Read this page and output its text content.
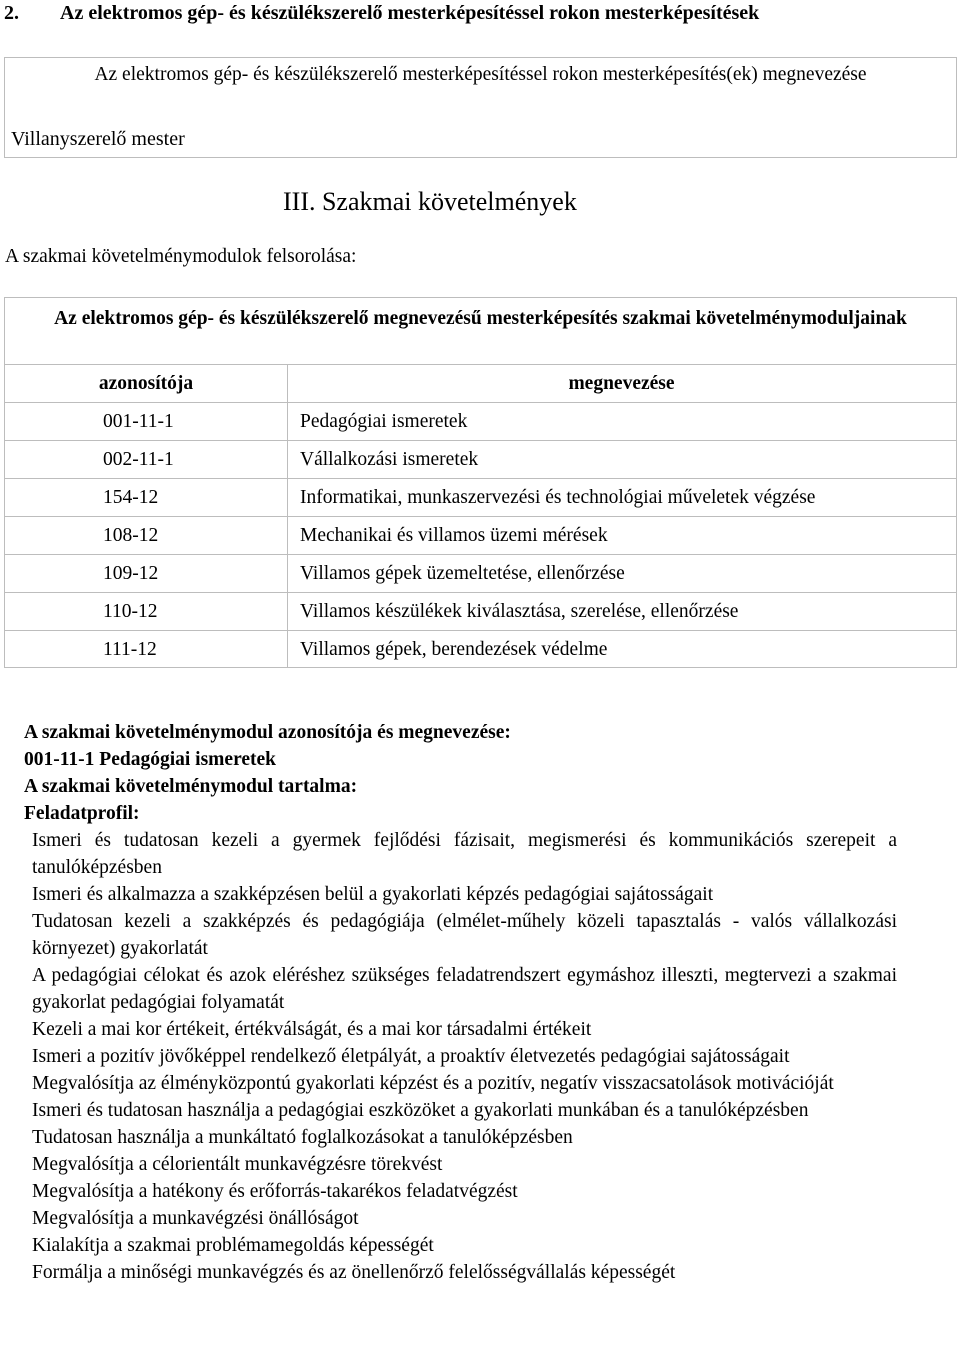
2. Az elektromos gép- és készülékszerelő mesterképesítéssel rokon mesterképesítések
Az elektromos gép- és készülékszerelő mesterképesítéssel rokon mesterképesítés(ek) megnevezése
Villanyszerelő mester
III. Szakmai követelmények
A szakmai követelménymodulok felsorolása:
Az elektromos gép- és készülékszerelő megnevezésű mesterképesítés szakmai követelménymoduljainak
azonosítója	megnevezése
001-11-1	Pedagógiai ismeretek
002-11-1	Vállalkozási ismeretek
154-12	Informatikai, munkaszervezési és technológiai műveletek végzése
108-12	Mechanikai és villamos üzemi mérések
109-12	Villamos gépek üzemeltetése, ellenőrzése
110-12	Villamos készülékek kiválasztása, szerelése, ellenőrzése
111-12	Villamos gépek, berendezések védelme
A szakmai követelménymodul azonosítója és megnevezése:
001-11-1 Pedagógiai ismeretek
A szakmai követelménymodul tartalma:
Feladatprofil:
Ismeri és tudatosan kezeli a gyermek fejlődési fázisait, megismerési és kommunikációs szerepeit a tanulóképzésben
Ismeri és alkalmazza a szakképzésen belül a gyakorlati képzés pedagógiai sajátosságait
Tudatosan kezeli a szakképzés és pedagógiája (elmélet-műhely közeli tapasztalás - valós vállalkozási környezet) gyakorlatát
A pedagógiai célokat és azok eléréshez szükséges feladatrendszert egymáshoz illeszti, megtervezi a szakmai gyakorlat pedagógiai folyamatát
Kezeli a mai kor értékeit, értékválságát, és a mai kor társadalmi értékeit
Ismeri a pozitív jövőképpel rendelkező életpályát, a proaktív életvezetés pedagógiai sajátosságait
Megvalósítja az élményközpontú gyakorlati képzést és a pozitív, negatív visszacsatolások motivációját
Ismeri és tudatosan használja a pedagógiai eszközöket a gyakorlati munkában és a tanulóképzésben
Tudatosan használja a munkáltató foglalkozásokat a tanulóképzésben
Megvalósítja a célorientált munkavégzésre törekvést
Megvalósítja a hatékony és erőforrás-takarékos feladatvégzést
Megvalósítja a munkavégzési önállóságot
Kialakítja a szakmai problémamegoldás képességét
Formálja a minőségi munkavégzés és az önellenőrző felelősségvállalás képességét
